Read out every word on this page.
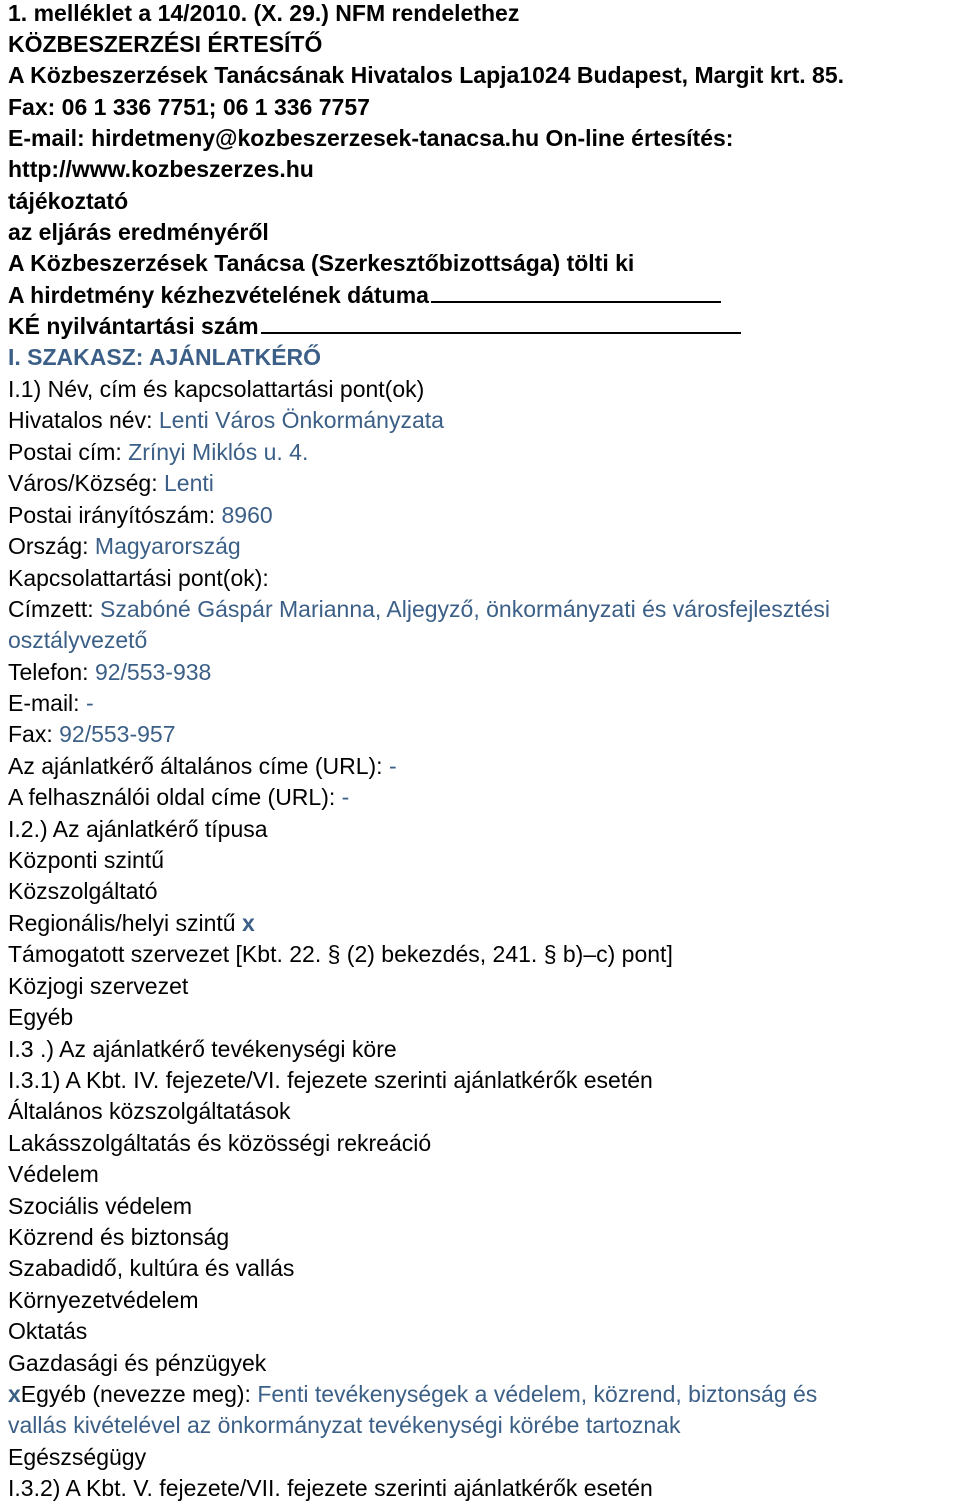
1. melléklet a 14/2010. (X. 29.) NFM rendelethez
KÖZBESZERZÉSI ÉRTESÍTŐ
A Közbeszerzések Tanácsának Hivatalos Lapja1024 Budapest, Margit krt. 85.
Fax: 06 1 336 7751; 06 1 336 7757
E-mail: hirdetmeny@kozbeszerzesek-tanacsa.hu On-line értesítés:
http://www.kozbeszerzes.hu
tájékoztató
az eljárás eredményéről
A Közbeszerzések Tanácsa (Szerkesztőbizottsága) tölti ki
A hirdetmény kézhezvételének dátuma
KÉ nyilvántartási szám
I. SZAKASZ: AJÁNLATKÉRŐ
I.1) Név, cím és kapcsolattartási pont(ok)
Hivatalos név: Lenti Város Önkormányzata
Postai cím: Zrínyi Miklós u. 4.
Város/Község: Lenti
Postai irányítószám: 8960
Ország: Magyarország
Kapcsolattartási pont(ok):
Címzett: Szabóné Gáspár Marianna, Aljegyző, önkormányzati és városfejlesztési
osztályvezető
Telefon: 92/553-938
E-mail: -
Fax: 92/553-957
Az ajánlatkérő általános címe (URL): -
A felhasználói oldal címe (URL): -
I.2.) Az ajánlatkérő típusa
Központi szintű
Közszolgáltató
Regionális/helyi szintű x
Támogatott szervezet [Kbt. 22. § (2) bekezdés, 241. § b)–c) pont]
Közjogi szervezet
Egyéb
I.3 .) Az ajánlatkérő tevékenységi köre
I.3.1) A Kbt. IV. fejezete/VI. fejezete szerinti ajánlatkérők esetén
Általános közszolgáltatások
Lakásszolgáltatás és közösségi rekreáció
Védelem
Szociális védelem
Közrend és biztonság
Szabadidő, kultúra és vallás
Környezetvédelem
Oktatás
Gazdasági és pénzügyek
xEgyéb (nevezze meg): Fenti tevékenységek a védelem, közrend, biztonság és
vallás kivételével az önkormányzat tevékenységi körébe tartoznak
Egészségügy
I.3.2) A Kbt. V. fejezete/VII. fejezete szerinti ajánlatkérők esetén
